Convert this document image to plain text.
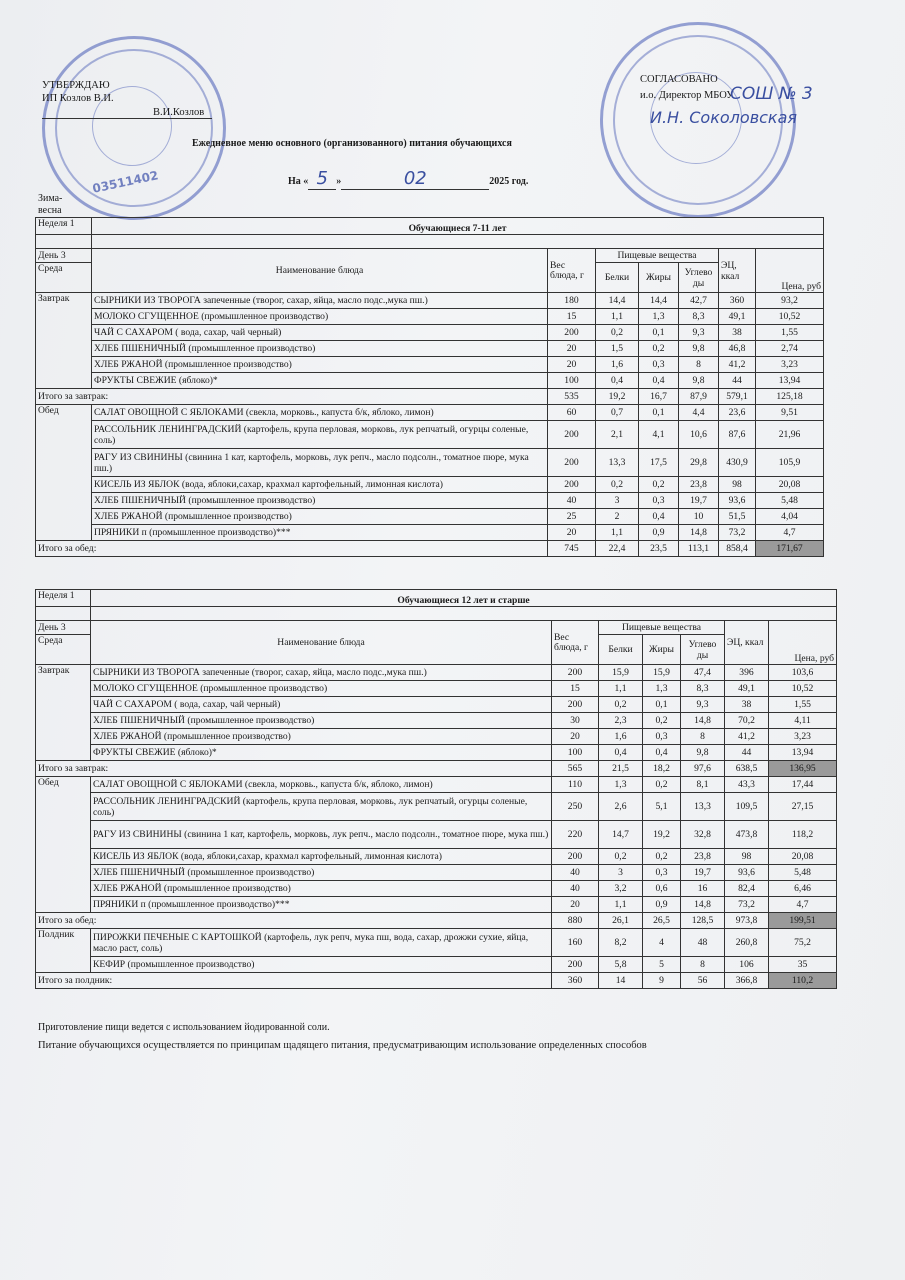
03511402
УТВЕРЖДАЮ
ИП Козлов В.И.
В.И.Козлов
СОГЛАСОВАНО
и.о. Директор МБОУ
СОШ № 3
И.Н. Соколовская
Ежедневное меню основного (организованного) питания обучающихся
На « 5 »	02	2025 год.
Зима-весна
Неделя 1	Обучающиеся 7-11 лет						

День 3	Наименование блюда	Вес блюда, г	Пищевые вещества			ЭЦ, ккал	Цена, руб
Среда			Белки	Жиры	Углево ды		
Завтрак	СЫРНИКИ ИЗ ТВОРОГА запеченные (творог, сахар, яйца, масло подс.,мука пш.)	180	14,4	14,4	42,7	360	93,2
	МОЛОКО СГУЩЕННОЕ (промышленное производство)	15	1,1	1,3	8,3	49,1	10,52
	ЧАЙ С САХАРОМ ( вода, сахар, чай черный)	200	0,2	0,1	9,3	38	1,55
	ХЛЕБ ПШЕНИЧНЫЙ (промышленное производство)	20	1,5	0,2	9,8	46,8	2,74
	ХЛЕБ РЖАНОЙ (промышленное производство)	20	1,6	0,3	8	41,2	3,23
	ФРУКТЫ СВЕЖИЕ (яблоко)*	100	0,4	0,4	9,8	44	13,94
Итого за завтрак:		535	19,2	16,7	87,9	579,1	125,18
Обед	САЛАТ ОВОЩНОЙ С ЯБЛОКАМИ (свекла, морковь., капуста б/к, яблоко, лимон)	60	0,7	0,1	4,4	23,6	9,51
	РАССОЛЬНИК ЛЕНИНГРАДСКИЙ (картофель, крупа перловая, морковь, лук репчатый, огурцы соленые, соль)	200	2,1	4,1	10,6	87,6	21,96
	РАГУ ИЗ СВИНИНЫ (свинина 1 кат, картофель, морковь, лук репч., масло подсолн., томатное пюре, мука пш.)	200	13,3	17,5	29,8	430,9	105,9
	КИСЕЛЬ ИЗ ЯБЛОК (вода, яблоки,сахар, крахмал картофельный, лимонная кислота)	200	0,2	0,2	23,8	98	20,08
	ХЛЕБ ПШЕНИЧНЫЙ (промышленное производство)	40	3	0,3	19,7	93,6	5,48
	ХЛЕБ РЖАНОЙ (промышленное производство)	25	2	0,4	10	51,5	4,04
	ПРЯНИКИ п (промышленное производство)***	20	1,1	0,9	14,8	73,2	4,7
Итого за обед:		745	22,4	23,5	113,1	858,4	171,67
Неделя 1	Обучающиеся 12 лет и старше						

День 3	Наименование блюда	Вес блюда, г	Пищевые вещества			ЭЦ, ккал	Цена, руб
Среда			Белки	Жиры	Углево ды		
Завтрак	СЫРНИКИ ИЗ ТВОРОГА запеченные (творог, сахар, яйца, масло подс.,мука пш.)	200	15,9	15,9	47,4	396	103,6
	МОЛОКО СГУЩЕННОЕ (промышленное производство)	15	1,1	1,3	8,3	49,1	10,52
	ЧАЙ С САХАРОМ ( вода, сахар, чай черный)	200	0,2	0,1	9,3	38	1,55
	ХЛЕБ ПШЕНИЧНЫЙ (промышленное производство)	30	2,3	0,2	14,8	70,2	4,11
	ХЛЕБ РЖАНОЙ (промышленное производство)	20	1,6	0,3	8	41,2	3,23
	ФРУКТЫ СВЕЖИЕ (яблоко)*	100	0,4	0,4	9,8	44	13,94
Итого за завтрак:		565	21,5	18,2	97,6	638,5	136,95
Обед	САЛАТ ОВОЩНОЙ С ЯБЛОКАМИ (свекла, морковь., капуста б/к, яблоко, лимон)	110	1,3	0,2	8,1	43,3	17,44
	РАССОЛЬНИК ЛЕНИНГРАДСКИЙ (картофель, крупа перловая, морковь, лук репчатый, огурцы соленые, соль)	250	2,6	5,1	13,3	109,5	27,15
	РАГУ ИЗ СВИНИНЫ (свинина 1 кат, картофель, морковь, лук репч., масло подсолн., томатное пюре, мука пш.)	220	14,7	19,2	32,8	473,8	118,2
	КИСЕЛЬ ИЗ ЯБЛОК (вода, яблоки,сахар, крахмал картофельный, лимонная кислота)	200	0,2	0,2	23,8	98	20,08
	ХЛЕБ ПШЕНИЧНЫЙ (промышленное производство)	40	3	0,3	19,7	93,6	5,48
	ХЛЕБ РЖАНОЙ (промышленное производство)	40	3,2	0,6	16	82,4	6,46
	ПРЯНИКИ п (промышленное производство)***	20	1,1	0,9	14,8	73,2	4,7
Итого за обед:		880	26,1	26,5	128,5	973,8	199,51
Полдник	ПИРОЖКИ ПЕЧЕНЫЕ С КАРТОШКОЙ (картофель, лук репч, мука пш, вода, сахар, дрожжи сухие, яйца, масло раст, соль)	160	8,2	4	48	260,8	75,2
	КЕФИР (промышленное производство)	200	5,8	5	8	106	35
Итого за полдник:		360	14	9	56	366,8	110,2
Приготовление пищи ведется с использованием йодированной соли.
Питание обучающихся осуществляется по принципам щадящего питания, предусматривающим использование определенных способов
